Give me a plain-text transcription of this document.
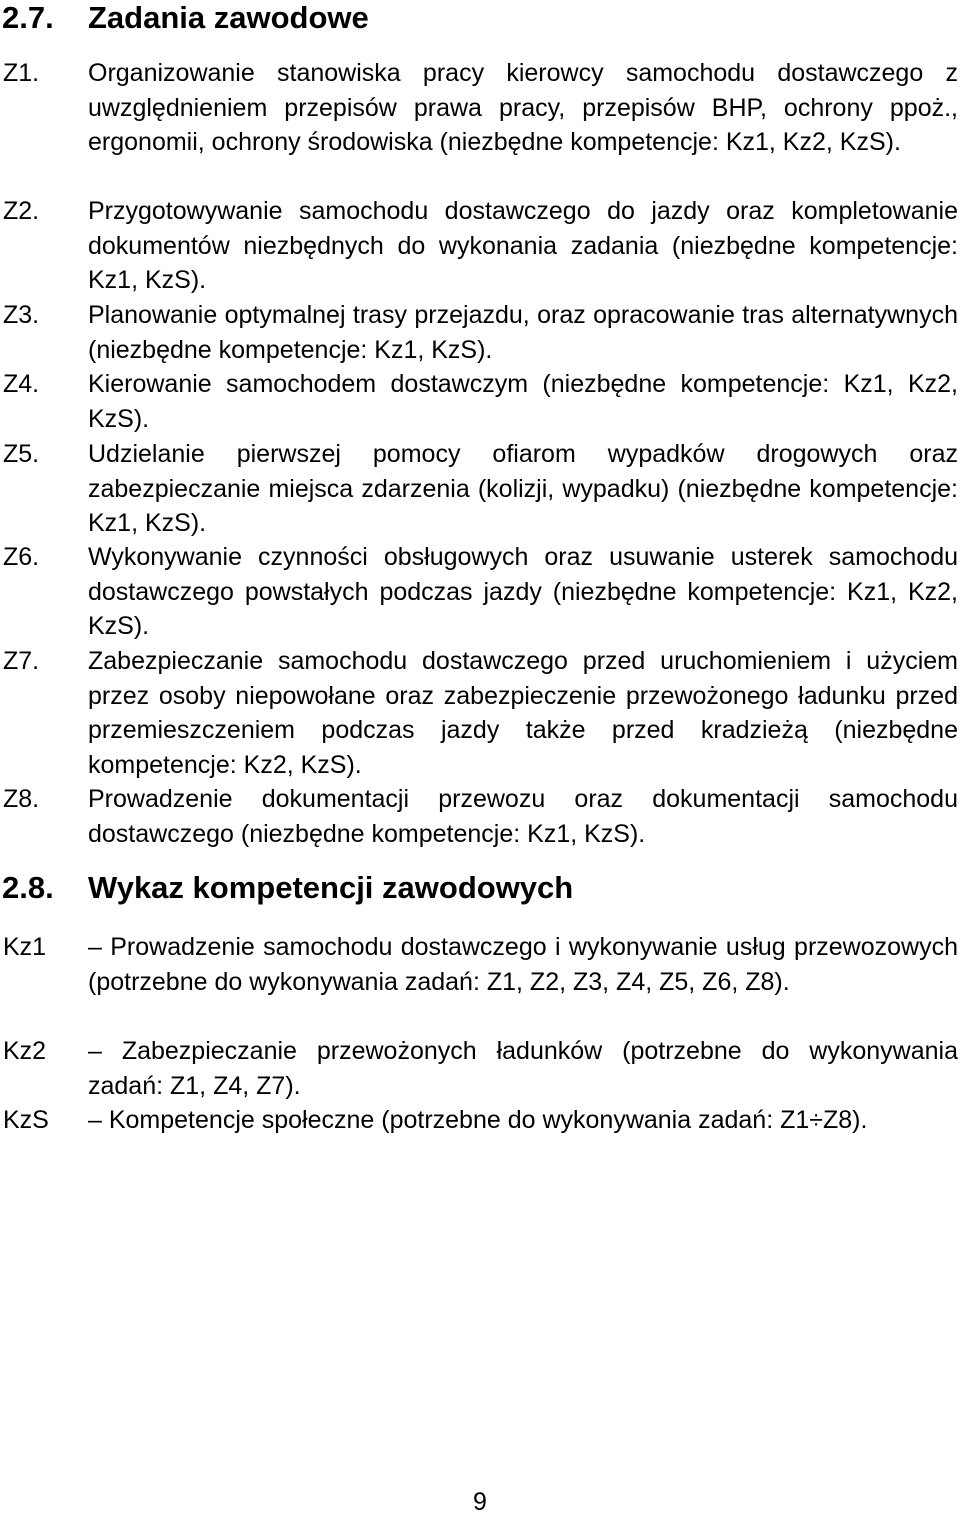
2.7. Zadania zawodowe
Z1. Organizowanie stanowiska pracy kierowcy samochodu dostawczego z uwzględnieniem przepisów prawa pracy, przepisów BHP, ochrony ppoż., ergonomii, ochrony środowiska (niezbędne kompetencje: Kz1, Kz2, KzS).
Z2. Przygotowywanie samochodu dostawczego do jazdy oraz kompletowanie dokumentów niezbędnych do wykonania zadania (niezbędne kompetencje: Kz1, KzS).
Z3. Planowanie optymalnej trasy przejazdu, oraz opracowanie tras alternatywnych (niezbędne kompetencje: Kz1, KzS).
Z4. Kierowanie samochodem dostawczym (niezbędne kompetencje: Kz1, Kz2, KzS).
Z5. Udzielanie pierwszej pomocy ofiarom wypadków drogowych oraz zabezpieczanie miejsca zdarzenia (kolizji, wypadku) (niezbędne kompetencje: Kz1, KzS).
Z6. Wykonywanie czynności obsługowych oraz usuwanie usterek samochodu dostawczego powstałych podczas jazdy (niezbędne kompetencje: Kz1, Kz2, KzS).
Z7. Zabezpieczanie samochodu dostawczego przed uruchomieniem i użyciem przez osoby niepowołane oraz zabezpieczenie przewożonego ładunku przed przemieszczeniem podczas jazdy także przed kradzieżą (niezbędne kompetencje: Kz2, KzS).
Z8. Prowadzenie dokumentacji przewozu oraz dokumentacji samochodu dostawczego (niezbędne kompetencje: Kz1, KzS).
2.8. Wykaz kompetencji zawodowych
Kz1 – Prowadzenie samochodu dostawczego i wykonywanie usług przewozowych (potrzebne do wykonywania zadań: Z1, Z2, Z3, Z4, Z5, Z6, Z8).
Kz2 – Zabezpieczanie przewożonych ładunków (potrzebne do wykonywania zadań: Z1, Z4, Z7).
KzS – Kompetencje społeczne (potrzebne do wykonywania zadań: Z1÷Z8).
9
